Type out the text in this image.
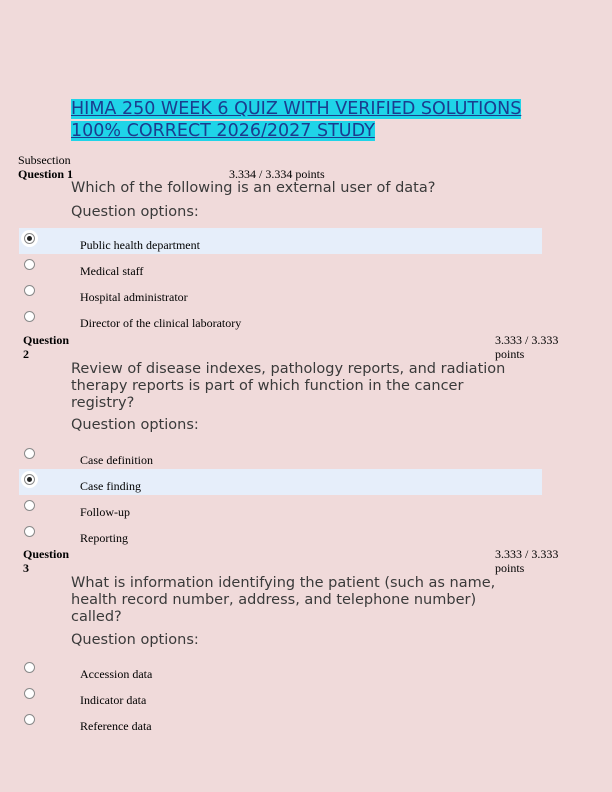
HIMA 250 WEEK 6 QUIZ WITH VERIFIED SOLUTIONS
100% CORRECT 2026/2027 STUDY
Subsection
Question 1	3.334 / 3.334 points
Which of the following is an external user of data?
Question options:
Public health department
Medical staff
Hospital administrator
Director of the clinical laboratory
Question
2
3.333 / 3.333
points
Review of disease indexes, pathology reports, and radiation
therapy reports is part of which function in the cancer
registry?
Question options:
Case definition
Case finding
Follow-up
Reporting
Question
3
3.333 / 3.333
points
What is information identifying the patient (such as name,
health record number, address, and telephone number)
called?
Question options:
Accession data
Indicator data
Reference data
